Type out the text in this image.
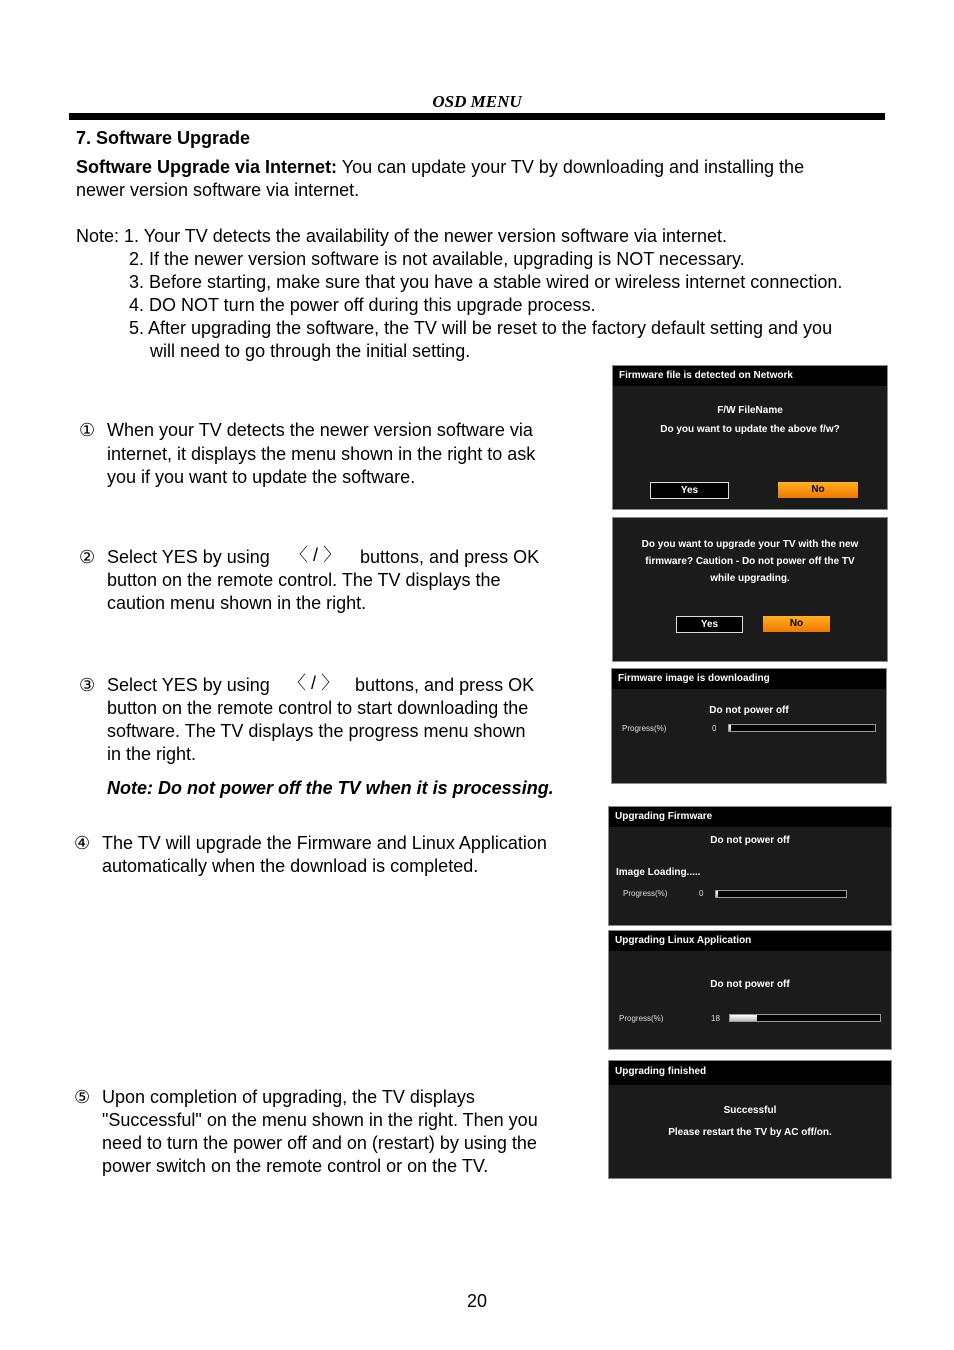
OSD MENU
7. Software Upgrade
Software Upgrade via Internet: You can update your TV by downloading and installing the
newer version software via internet.
Note: 1. Your TV detects the availability of the newer version software via internet.
2. If the newer version software is not available, upgrading is NOT necessary.
3. Before starting, make sure that you have a stable wired or wireless internet connection.
4. DO NOT turn the power off during this upgrade process.
5. After upgrading the software, the TV will be reset to the factory default setting and you
will need to go through the initial setting.
① When your TV detects the newer version software via
internet, it displays the menu shown in the right to ask
you if you want to update the software.
② Select YES by using 〈 / 〉 buttons, and press OK
button on the remote control. The TV displays the
caution menu shown in the right.
③ Select YES by using 〈 / 〉 buttons, and press OK
button on the remote control to start downloading the
software. The TV displays the progress menu shown
in the right.
Note: Do not power off the TV when it is processing.
④ The TV will upgrade the Firmware and Linux Application
automatically when the download is completed.
⑤ Upon completion of upgrading, the TV displays
"Successful" on the menu shown in the right. Then you
need to turn the power off and on (restart) by using the
power switch on the remote control or on the TV.
Firmware file is detected on Network
F/W FileName
Do you want to update the above f/w?
Yes	No
Do you want to upgrade your TV with the new
firmware? Caution - Do not power off the TV
while upgrading.
Yes	No
Firmware image is downloading
Do not power off
Progress(%)	0
Upgrading Firmware
Do not power off
Image Loading.....
Progress(%)	0
Upgrading Linux Application
Do not power off
Progress(%)	18
Upgrading finished
Successful
Please restart the TV by AC off/on.
20
